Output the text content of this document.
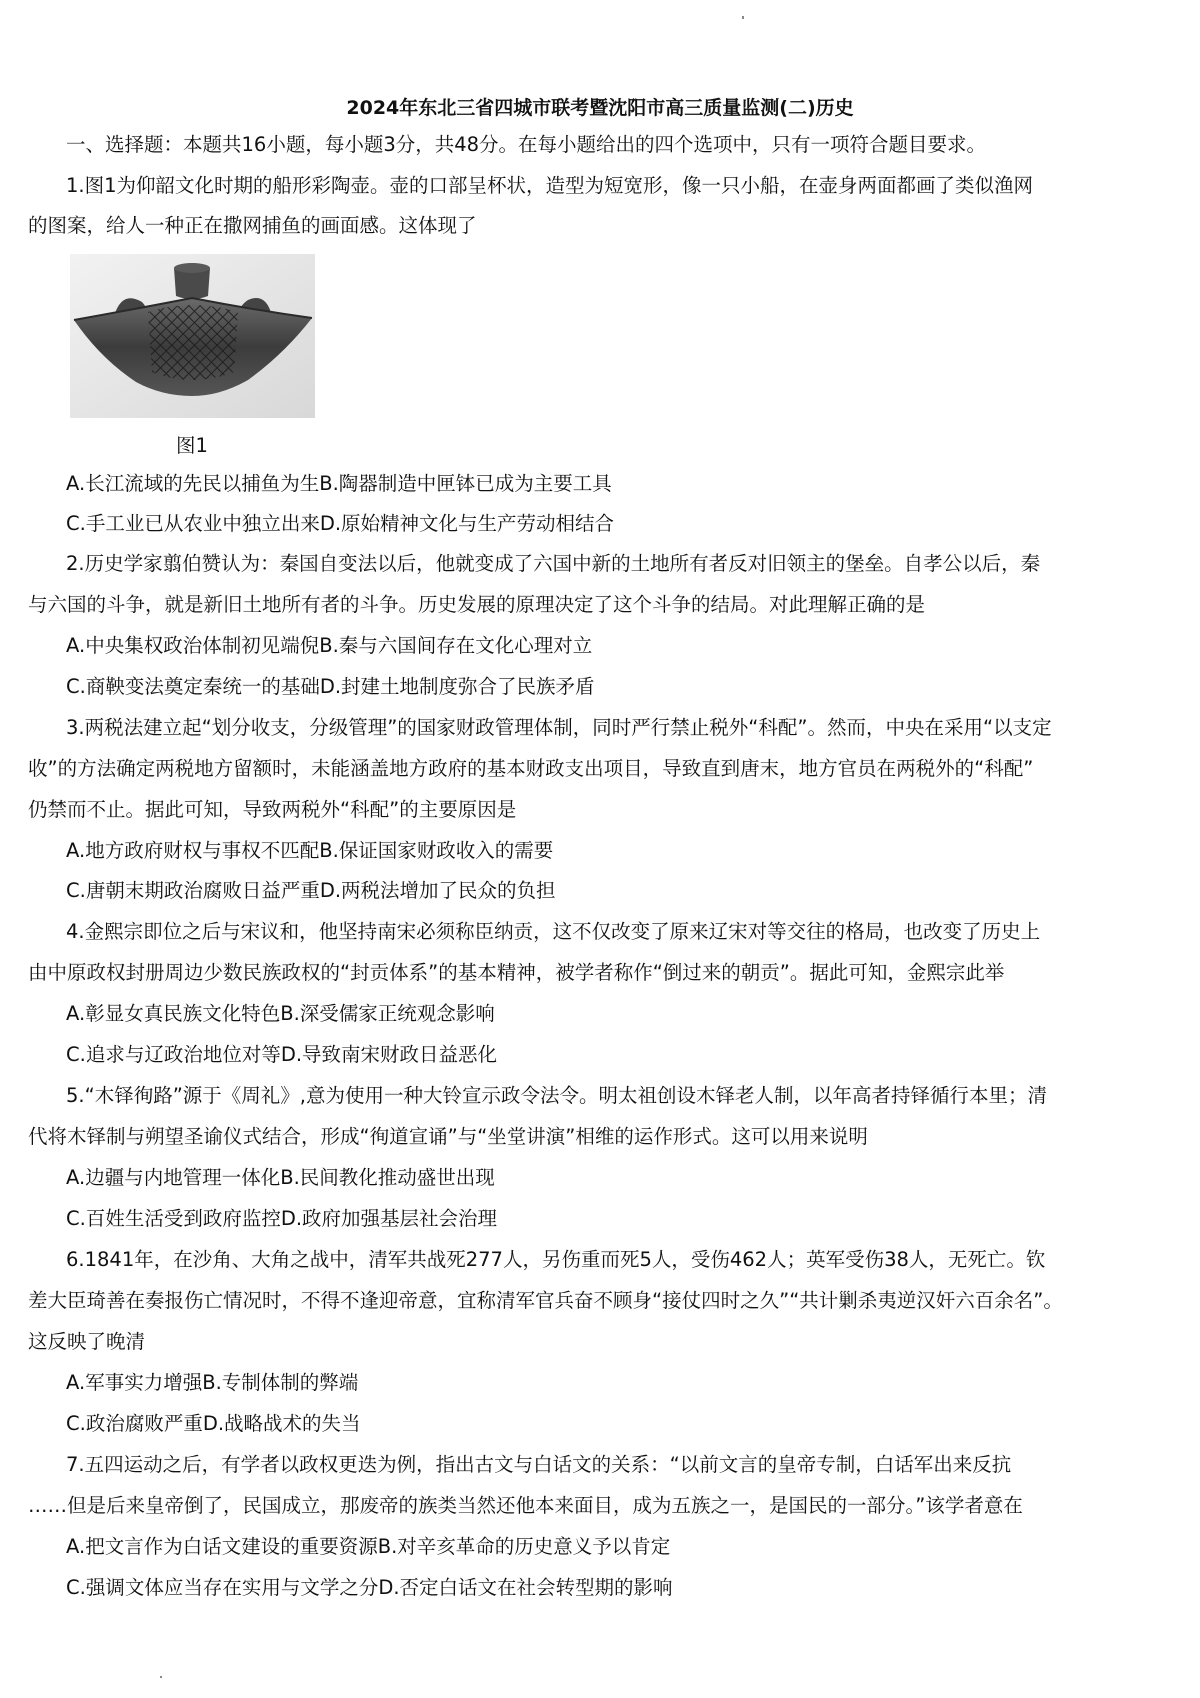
2024年东北三省四城市联考暨沈阳市高三质量监测(二)历史
一、选择题：本题共16小题，每小题3分，共48分。在每小题给出的四个选项中，只有一项符合题目要求。
1.图1为仰韶文化时期的船形彩陶壶。壶的口部呈杯状，造型为短宽形，像一只小船，在壶身两面都画了类似渔网
的图案，给人一种正在撒网捕鱼的画面感。这体现了
图1
A.长江流域的先民以捕鱼为生B.陶器制造中匣钵已成为主要工具
C.手工业已从农业中独立出来D.原始精神文化与生产劳动相结合
2.历史学家翦伯赞认为：秦国自变法以后，他就变成了六国中新的土地所有者反对旧领主的堡垒。自孝公以后，秦
与六国的斗争，就是新旧土地所有者的斗争。历史发展的原理决定了这个斗争的结局。对此理解正确的是
A.中央集权政治体制初见端倪B.秦与六国间存在文化心理对立
C.商鞅变法奠定秦统一的基础D.封建土地制度弥合了民族矛盾
3.两税法建立起“划分收支，分级管理”的国家财政管理体制，同时严行禁止税外“科配”。然而，中央在采用“以支定
收”的方法确定两税地方留额时，未能涵盖地方政府的基本财政支出项目，导致直到唐末，地方官员在两税外的“科配”
仍禁而不止。据此可知，导致两税外“科配”的主要原因是
A.地方政府财权与事权不匹配B.保证国家财政收入的需要
C.唐朝末期政治腐败日益严重D.两税法增加了民众的负担
4.金熙宗即位之后与宋议和，他坚持南宋必须称臣纳贡，这不仅改变了原来辽宋对等交往的格局，也改变了历史上
由中原政权封册周边少数民族政权的“封贡体系”的基本精神，被学者称作“倒过来的朝贡”。据此可知，金熙宗此举
A.彰显女真民族文化特色B.深受儒家正统观念影响
C.追求与辽政治地位对等D.导致南宋财政日益恶化
5.“木铎徇路”源于《周礼》,意为使用一种大铃宣示政令法令。明太祖创设木铎老人制，以年高者持铎循行本里；清
代将木铎制与朔望圣谕仪式结合，形成“徇道宣诵”与“坐堂讲演”相维的运作形式。这可以用来说明
A.边疆与内地管理一体化B.民间教化推动盛世出现
C.百姓生活受到政府监控D.政府加强基层社会治理
6.1841年，在沙角、大角之战中，清军共战死277人，另伤重而死5人，受伤462人；英军受伤38人，无死亡。钦
差大臣琦善在奏报伤亡情况时，不得不逢迎帝意，宜称清军官兵奋不顾身“接仗四时之久”“共计剿杀夷逆汉奸六百余名”。
这反映了晚清
A.军事实力增强B.专制体制的弊端
C.政治腐败严重D.战略战术的失当
7.五四运动之后，有学者以政权更迭为例，指出古文与白话文的关系：“以前文言的皇帝专制，白话军出来反抗
……但是后来皇帝倒了，民国成立，那废帝的族类当然还他本来面目，成为五族之一，是国民的一部分。”该学者意在
A.把文言作为白话文建设的重要资源B.对辛亥革命的历史意义予以肯定
C.强调文体应当存在实用与文学之分D.否定白话文在社会转型期的影响
